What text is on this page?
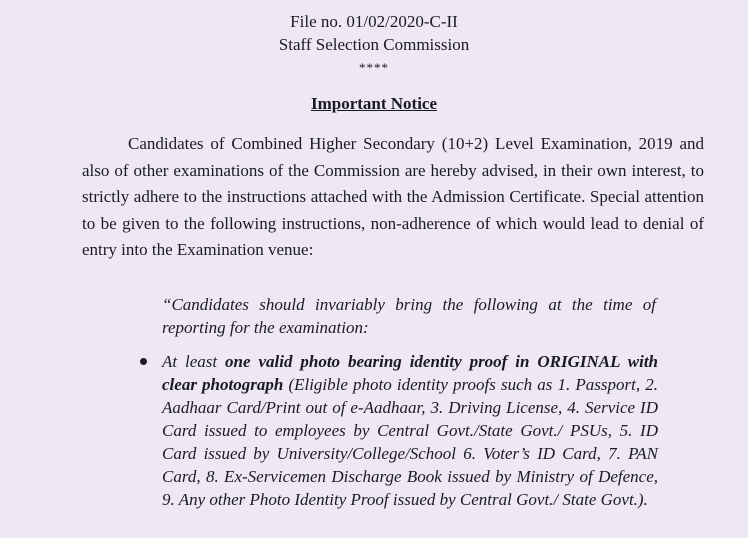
File no. 01/02/2020-C-II
Staff Selection Commission
****
Important Notice
Candidates of Combined Higher Secondary (10+2) Level Examination, 2019 and also of other examinations of the Commission are hereby advised, in their own interest, to strictly adhere to the instructions attached with the Admission Certificate. Special attention to be given to the following instructions, non-adherence of which would lead to denial of entry into the Examination venue:
“Candidates should invariably bring the following at the time of reporting for the examination:
At least one valid photo bearing identity proof in ORIGINAL with clear photograph (Eligible photo identity proofs such as 1. Passport, 2. Aadhaar Card/Print out of e-Aadhaar, 3. Driving License, 4. Service ID Card issued to employees by Central Govt./State Govt./ PSUs, 5. ID Card issued by University/College/School 6. Voter’s ID Card, 7. PAN Card, 8. Ex-Servicemen Discharge Book issued by Ministry of Defence, 9. Any other Photo Identity Proof issued by Central Govt./ State Govt.).
